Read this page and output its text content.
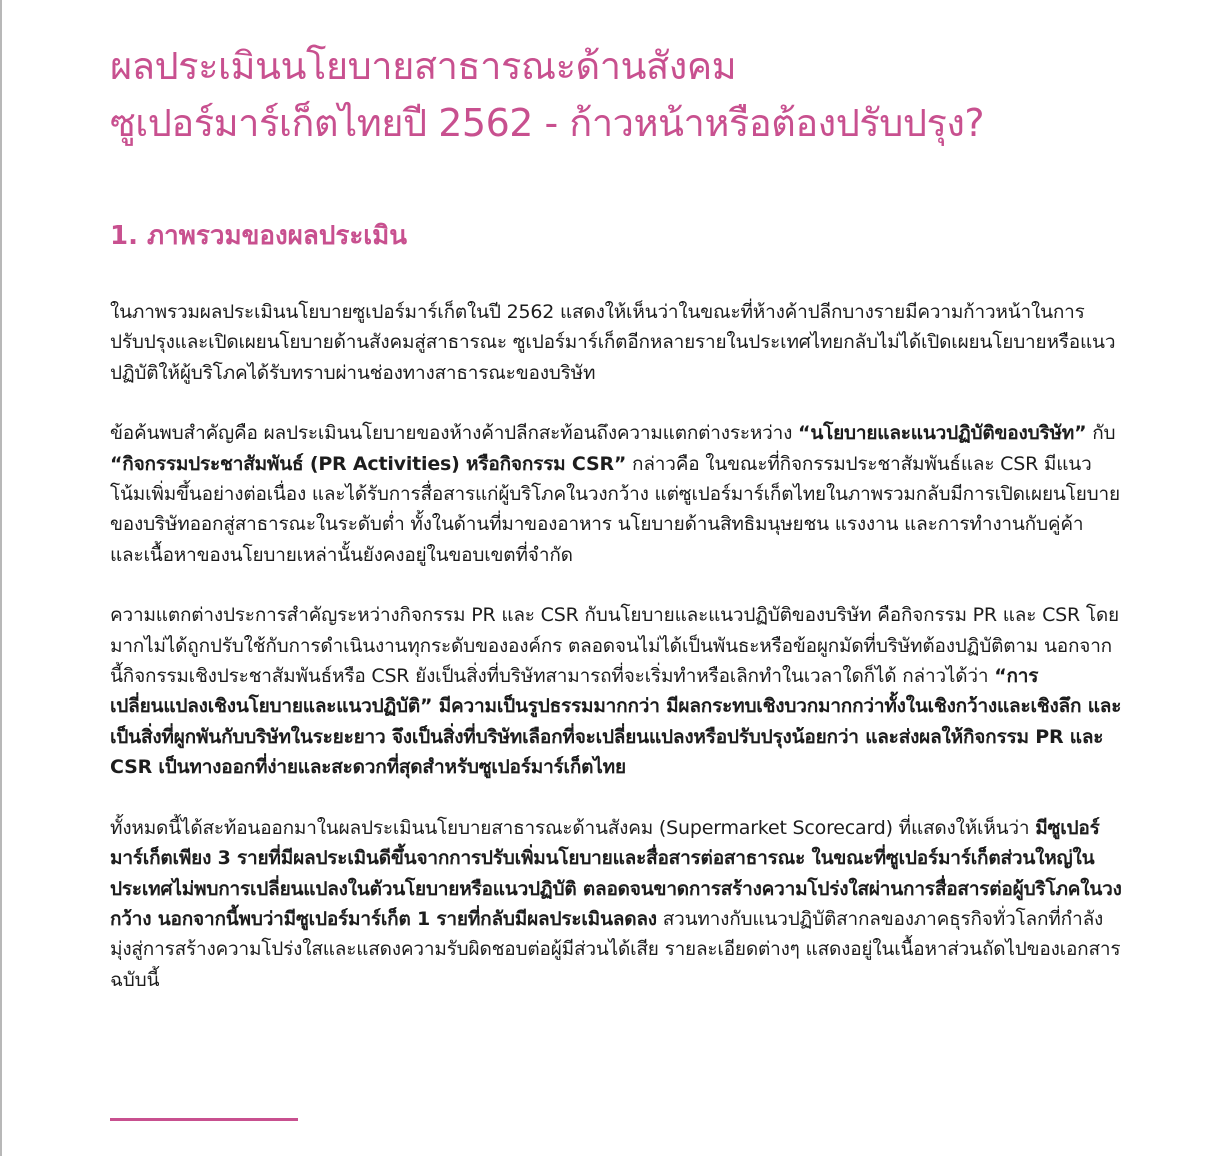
ผลประเมินนโยบายสาธารณะด้านสังคม
ซูเปอร์มาร์เก็ตไทยปี 2562 - ก้าวหน้าหรือต้องปรับปรุง?
1. ภาพรวมของผลประเมิน

ในภาพรวมผลประเมินนโยบายซูเปอร์มาร์เก็ตในปี 2562 แสดงให้เห็นว่าในขณะที่ห้างค้าปลีกบางรายมีความก้าวหน้าในการปรับปรุงและเปิดเผยนโยบายด้านสังคมสู่สาธารณะ ซูเปอร์มาร์เก็ตอีกหลายรายในประเทศไทยกลับไม่ได้เปิดเผยนโยบายหรือแนวปฏิบัติให้ผู้บริโภคได้รับทราบผ่านช่องทางสาธารณะของบริษัท

ข้อค้นพบสำคัญคือ ผลประเมินนโยบายของห้างค้าปลีกสะท้อนถึงความแตกต่างระหว่าง “นโยบายและแนวปฏิบัติของบริษัท” กับ “กิจกรรมประชาสัมพันธ์ (PR Activities) หรือกิจกรรม CSR” กล่าวคือ ในขณะที่กิจกรรมประชาสัมพันธ์และ CSR มีแนวโน้มเพิ่มขึ้นอย่างต่อเนื่อง และได้รับการสื่อสารแก่ผู้บริโภคในวงกว้าง แต่ซูเปอร์มาร์เก็ตไทยในภาพรวมกลับมีการเปิดเผยนโยบายของบริษัทออกสู่สาธารณะในระดับต่ำ ทั้งในด้านที่มาของอาหาร นโยบายด้านสิทธิมนุษยชน แรงงาน และการทำงานกับคู่ค้า และเนื้อหาของนโยบายเหล่านั้นยังคงอยู่ในขอบเขตที่จำกัด

ความแตกต่างประการสำคัญระหว่างกิจกรรม PR และ CSR กับนโยบายและแนวปฏิบัติของบริษัท คือกิจกรรม PR และ CSR โดยมากไม่ได้ถูกปรับใช้กับการดำเนินงานทุกระดับขององค์กร ตลอดจนไม่ได้เป็นพันธะหรือข้อผูกมัดที่บริษัทต้องปฏิบัติตาม นอกจากนี้กิจกรรมเชิงประชาสัมพันธ์หรือ CSR ยังเป็นสิ่งที่บริษัทสามารถที่จะเริ่มทำหรือเลิกทำในเวลาใดก็ได้ กล่าวได้ว่า “การเปลี่ยนแปลงเชิงนโยบายและแนวปฏิบัติ” มีความเป็นรูปธรรมมากกว่า มีผลกระทบเชิงบวกมากกว่าทั้งในเชิงกว้างและเชิงลึก และเป็นสิ่งที่ผูกพันกับบริษัทในระยะยาว จึงเป็นสิ่งที่บริษัทเลือกที่จะเปลี่ยนแปลงหรือปรับปรุงน้อยกว่า และส่งผลให้กิจกรรม PR และ CSR เป็นทางออกที่ง่ายและสะดวกที่สุดสำหรับซูเปอร์มาร์เก็ตไทย

ทั้งหมดนี้ได้สะท้อนออกมาในผลประเมินนโยบายสาธารณะด้านสังคม (Supermarket Scorecard) ที่แสดงให้เห็นว่า มีซูเปอร์มาร์เก็ตเพียง 3 รายที่มีผลประเมินดีขึ้นจากการปรับเพิ่มนโยบายและสื่อสารต่อสาธารณะ ในขณะที่ซูเปอร์มาร์เก็ตส่วนใหญ่ในประเทศไม่พบการเปลี่ยนแปลงในตัวนโยบายหรือแนวปฏิบัติ ตลอดจนขาดการสร้างความโปร่งใสผ่านการสื่อสารต่อผู้บริโภคในวงกว้าง นอกจากนี้พบว่ามีซูเปอร์มาร์เก็ต 1 รายที่กลับมีผลประเมินลดลง สวนทางกับแนวปฏิบัติสากลของภาคธุรกิจทั่วโลกที่กำลังมุ่งสู่การสร้างความโปร่งใสและแสดงความรับผิดชอบต่อผู้มีส่วนได้เสีย รายละเอียดต่างๆ แสดงอยู่ในเนื้อหาส่วนถัดไปของเอกสารฉบับนี้
